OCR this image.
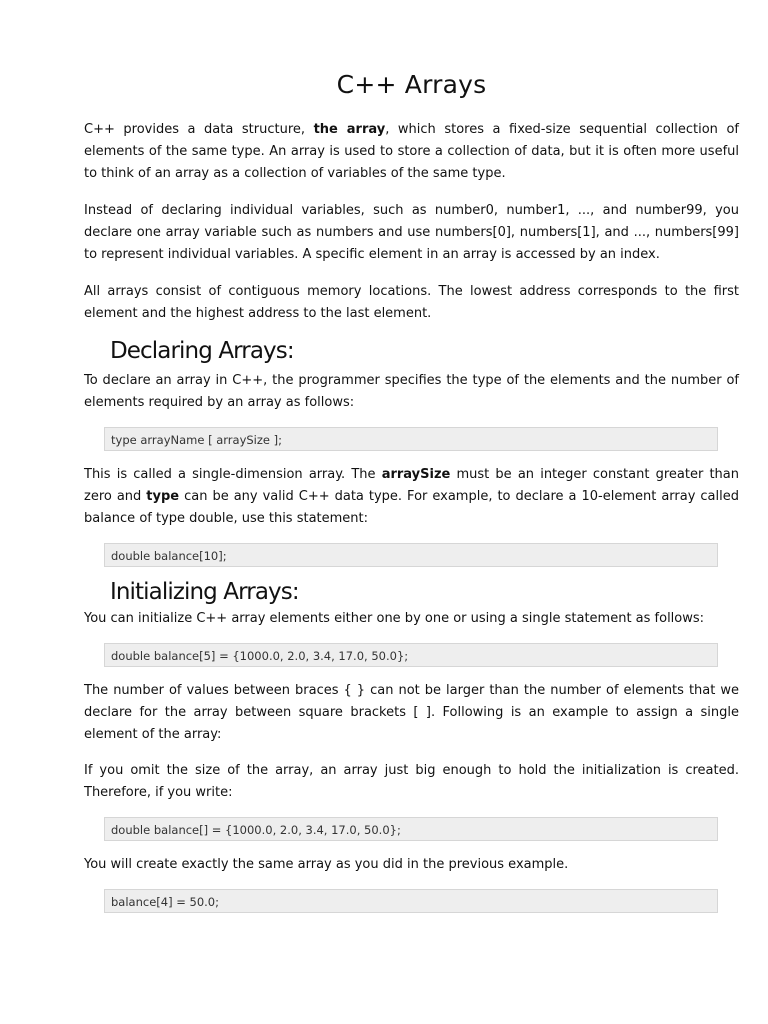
C++ Arrays

C++ provides a data structure, the array, which stores a fixed-size sequential collection of elements of the same type. An array is used to store a collection of data, but it is often more useful to think of an array as a collection of variables of the same type.

Instead of declaring individual variables, such as number0, number1, ..., and number99, you declare one array variable such as numbers and use numbers[0], numbers[1], and ..., numbers[99] to represent individual variables. A specific element in an array is accessed by an index.

All arrays consist of contiguous memory locations. The lowest address corresponds to the first element and the highest address to the last element.

Declaring Arrays:

To declare an array in C++, the programmer specifies the type of the elements and the number of elements required by an array as follows:

type arrayName [ arraySize ];

This is called a single-dimension array. The arraySize must be an integer constant greater than zero and type can be any valid C++ data type. For example, to declare a 10-element array called balance of type double, use this statement:

double balance[10];
Initializing Arrays:

You can initialize C++ array elements either one by one or using a single statement as follows:

double balance[5] = {1000.0, 2.0, 3.4, 17.0, 50.0};

The number of values between braces { } can not be larger than the number of elements that we declare for the array between square brackets [ ]. Following is an example to assign a single element of the array:

If you omit the size of the array, an array just big enough to hold the initialization is created. Therefore, if you write:

double balance[] = {1000.0, 2.0, 3.4, 17.0, 50.0};

You will create exactly the same array as you did in the previous example.

balance[4] = 50.0;
